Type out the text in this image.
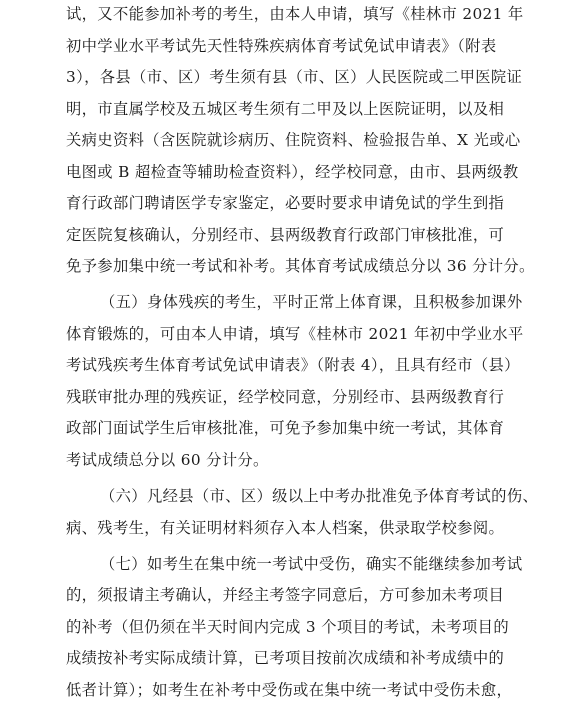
试，又不能参加补考的考生，由本人申请，填写《桂林市 2021 年
初中学业水平考试先天性特殊疾病体育考试免试申请表》（附表
3），各县（市、区）考生须有县（市、区）人民医院或二甲医院证
明，市直属学校及五城区考生须有二甲及以上医院证明，以及相
关病史资料（含医院就诊病历、住院资料、检验报告单、X 光或心
电图或 B 超检查等辅助检查资料），经学校同意，由市、县两级教
育行政部门聘请医学专家鉴定，必要时要求申请免试的学生到指
定医院复核确认，分别经市、县两级教育行政部门审核批准，可
免予参加集中统一考试和补考。其体育考试成绩总分以 36 分计分。
（五）身体残疾的考生，平时正常上体育课，且积极参加课外
体育锻炼的，可由本人申请，填写《桂林市 2021 年初中学业水平
考试残疾考生体育考试免试申请表》（附表 4），且具有经市（县）
残联审批办理的残疾证，经学校同意，分别经市、县两级教育行
政部门面试学生后审核批准，可免予参加集中统一考试，其体育
考试成绩总分以 60 分计分。
（六）凡经县（市、区）级以上中考办批准免予体育考试的伤、
病、残考生，有关证明材料须存入本人档案，供录取学校参阅。
（七）如考生在集中统一考试中受伤，确实不能继续参加考试
的，须报请主考确认，并经主考签字同意后，方可参加未考项目
的补考（但仍须在半天时间内完成 3 个项目的考试，未考项目的
成绩按补考实际成绩计算，已考项目按前次成绩和补考成绩中的
低者计算）；如考生在补考中受伤或在集中统一考试中受伤未愈，
